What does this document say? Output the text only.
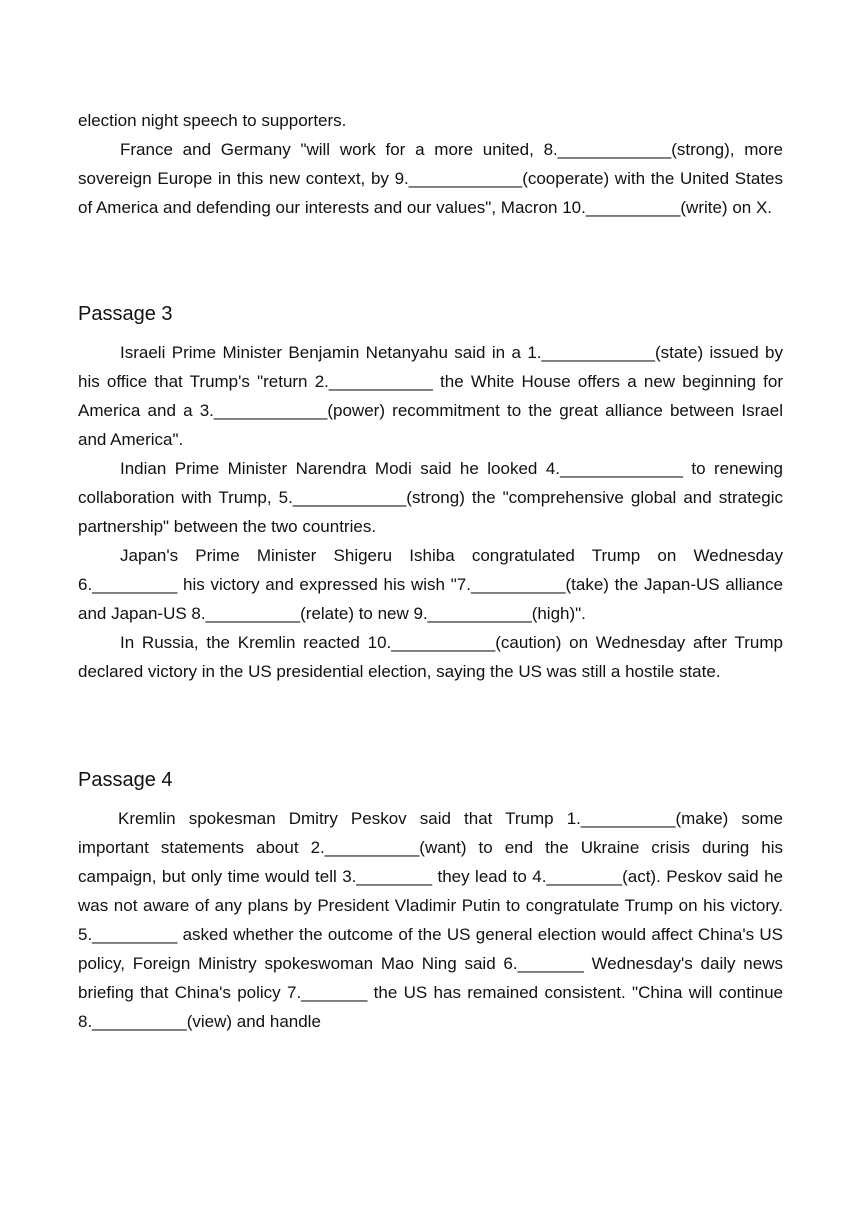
election night speech to supporters.

France and Germany "will work for a more united, 8.____________(strong), more sovereign Europe in this new context, by 9.____________(cooperate) with the United States of America and defending our interests and our values", Macron 10.__________(write) on X.

Passage 3

Israeli Prime Minister Benjamin Netanyahu said in a 1.____________(state) issued by his office that Trump's "return 2.___________ the White House offers a new beginning for America and a 3.____________(power) recommitment to the great alliance between Israel and America".

Indian Prime Minister Narendra Modi said he looked 4._____________ to renewing collaboration with Trump, 5.____________(strong) the "comprehensive global and strategic partnership" between the two countries.

Japan's Prime Minister Shigeru Ishiba congratulated Trump on Wednesday 6._________ his victory and expressed his wish "7.__________(take) the Japan-US alliance and Japan-US 8.__________(relate) to new 9.___________(high)".

In Russia, the Kremlin reacted 10.___________(caution) on Wednesday after Trump declared victory in the US presidential election, saying the US was still a hostile state.

Passage 4

Kremlin spokesman Dmitry Peskov said that Trump 1.__________(make) some important statements about 2.__________(want) to end the Ukraine crisis during his campaign, but only time would tell 3.________ they lead to 4.________(act). Peskov said he was not aware of any plans by President Vladimir Putin to congratulate Trump on his victory. 5._________ asked whether the outcome of the US general election would affect China's US policy, Foreign Ministry spokeswoman Mao Ning said 6._______ Wednesday's daily news briefing that China's policy 7._______ the US has remained consistent. "China will continue 8.__________(view) and handle
